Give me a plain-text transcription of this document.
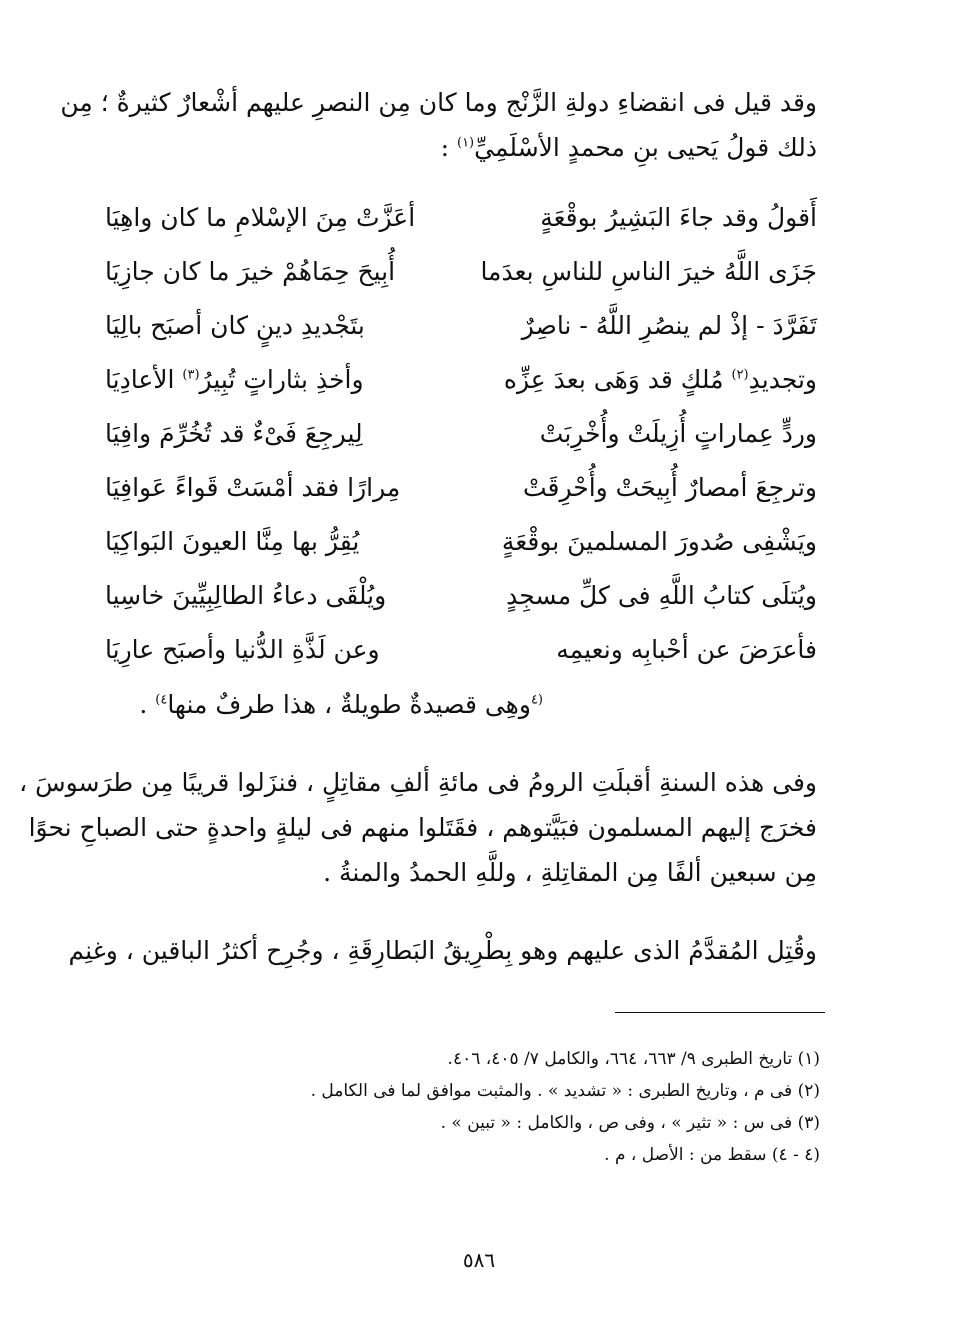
وقد قيل فى انقضاءِ دولةِ الزَّنْج وما كان مِن النصرِ عليهم أشْعارٌ كثيرةٌ ؛ مِن
ذلك قولُ يَحيى بنِ محمدٍ الأسْلَمِيِّ$^{(١)}$ :
أَقولُ وقد جاءَ البَشِيرُ بوقْعَةٍ
أعَزَّتْ مِنَ الإسْلامِ ما كان واهِيَا
جَزَى اللَّهُ خيرَ الناسِ للناسِ بعدَما
أُبِيحَ حِمَاهُمْ خيرَ ما كان جازِيَا
تَفَرَّدَ - إذْ لم ينصُرِ اللَّهُ - ناصِرٌ
بتَجْديدِ دينٍ كان أصبَح بالِيَا
وتجديدِ$^{(٢)}$ مُلكٍ قد وَهَى بعدَ عِزِّه
وأخذِ بثاراتٍ تُبِيرُ$^{(٣)}$ الأعادِيَا
وردٍّ عِماراتٍ أُزِيلَتْ وأُخْرِبَتْ
لِيرجِعَ فَىْءٌ قد تُخُرِّمَ وافِيَا
وترجِعَ أمصارٌ أُبِيحَتْ وأُحْرِقَتْ
مِرارًا فقد أمْسَتْ قَواءً عَوافِيَا
ويَشْفِى صُدورَ المسلمينَ بوقْعَةٍ
يُقِرُّ بها مِنَّا العيونَ البَواكِيَا
ويُتلَى كتابُ اللَّهِ فى كلِّ مسجِدٍ
ويُلْقَى دعاءُ الطالِبِيِّينَ خاسِيا
فأعرَضَ عن أحْبابِه ونعيمِه
وعن لَذَّةِ الدُّنيا وأصبَح عارِيَا
$^{(٤}$وهِى قصيدةٌ طويلةٌ ، هذا طرفٌ منها$^{٤)}$ .
وفى هذه السنةِ أقبلَتِ الرومُ فى مائةِ ألفِ مقاتِلٍ ، فنزَلوا قريبًا مِن طرَسوسَ ،
فخرَج إليهم المسلمون فبَيَّتوهم ، فقَتَلوا منهم فى ليلةٍ واحدةٍ حتى الصباحِ نحوًا
مِن سبعين ألفًا مِن المقاتِلةِ ، وللَّهِ الحمدُ والمنةُ .
وقُتِل المُقدَّمُ الذى عليهم وهو بِطْرِيقُ البَطارِقَةِ ، وجُرِح أكثرُ الباقين ، وغنِم
(١) تاريخ الطبرى ٩/ ٦٦٣، ٦٦٤، والكامل ٧/ ٤٠٥، ٤٠٦.
(٢) فى م ، وتاريخ الطبرى : « تشديد » . والمثبت موافق لما فى الكامل .
(٣) فى س : « تثير » ، وفى ص ، والكامل : « تبين » .
(٤ - ٤) سقط من : الأصل ، م .
٥٨٦
